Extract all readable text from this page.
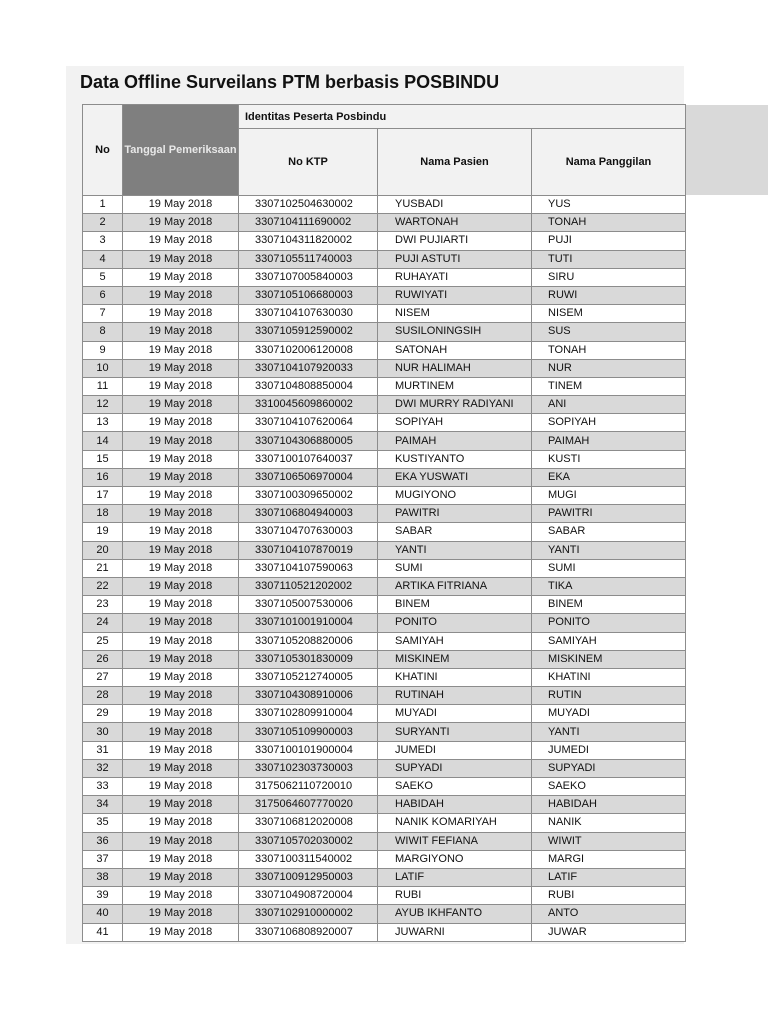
Data Offline Surveilans PTM berbasis POSBINDU
No	Tanggal Pemeriksaan	Identitas Peserta Posbindu		
		No KTP	Nama Pasien	Nama Panggilan
1	19 May 2018	3307102504630002	YUSBADI	YUS
2	19 May 2018	3307104111690002	WARTONAH	TONAH
3	19 May 2018	3307104311820002	DWI PUJIARTI	PUJI
4	19 May 2018	3307105511740003	PUJI ASTUTI	TUTI
5	19 May 2018	3307107005840003	RUHAYATI	SIRU
6	19 May 2018	3307105106680003	RUWIYATI	RUWI
7	19 May 2018	3307104107630030	NISEM	NISEM
8	19 May 2018	3307105912590002	SUSILONINGSIH	SUS
9	19 May 2018	3307102006120008	SATONAH	TONAH
10	19 May 2018	3307104107920033	NUR HALIMAH	NUR
11	19 May 2018	3307104808850004	MURTINEM	TINEM
12	19 May 2018	3310045609860002	DWI MURRY RADIYANI	ANI
13	19 May 2018	3307104107620064	SOPIYAH	SOPIYAH
14	19 May 2018	3307104306880005	PAIMAH	PAIMAH
15	19 May 2018	3307100107640037	KUSTIYANTO	KUSTI
16	19 May 2018	3307106506970004	EKA YUSWATI	EKA
17	19 May 2018	3307100309650002	MUGIYONO	MUGI
18	19 May 2018	3307106804940003	PAWITRI	PAWITRI
19	19 May 2018	3307104707630003	SABAR	SABAR
20	19 May 2018	3307104107870019	YANTI	YANTI
21	19 May 2018	3307104107590063	SUMI	SUMI
22	19 May 2018	3307110521202002	ARTIKA FITRIANA	TIKA
23	19 May 2018	3307105007530006	BINEM	BINEM
24	19 May 2018	3307101001910004	PONITO	PONITO
25	19 May 2018	3307105208820006	SAMIYAH	SAMIYAH
26	19 May 2018	3307105301830009	MISKINEM	MISKINEM
27	19 May 2018	3307105212740005	KHATINI	KHATINI
28	19 May 2018	3307104308910006	RUTINAH	RUTIN
29	19 May 2018	3307102809910004	MUYADI	MUYADI
30	19 May 2018	3307105109900003	SURYANTI	YANTI
31	19 May 2018	3307100101900004	JUMEDI	JUMEDI
32	19 May 2018	3307102303730003	SUPYADI	SUPYADI
33	19 May 2018	3175062110720010	SAEKO	SAEKO
34	19 May 2018	3175064607770020	HABIDAH	HABIDAH
35	19 May 2018	3307106812020008	NANIK KOMARIYAH	NANIK
36	19 May 2018	3307105702030002	WIWIT FEFIANA	WIWIT
37	19 May 2018	3307100311540002	MARGIYONO	MARGI
38	19 May 2018	3307100912950003	LATIF	LATIF
39	19 May 2018	3307104908720004	RUBI	RUBI
40	19 May 2018	3307102910000002	AYUB IKHFANTO	ANTO
41	19 May 2018	3307106808920007	JUWARNI	JUWAR
